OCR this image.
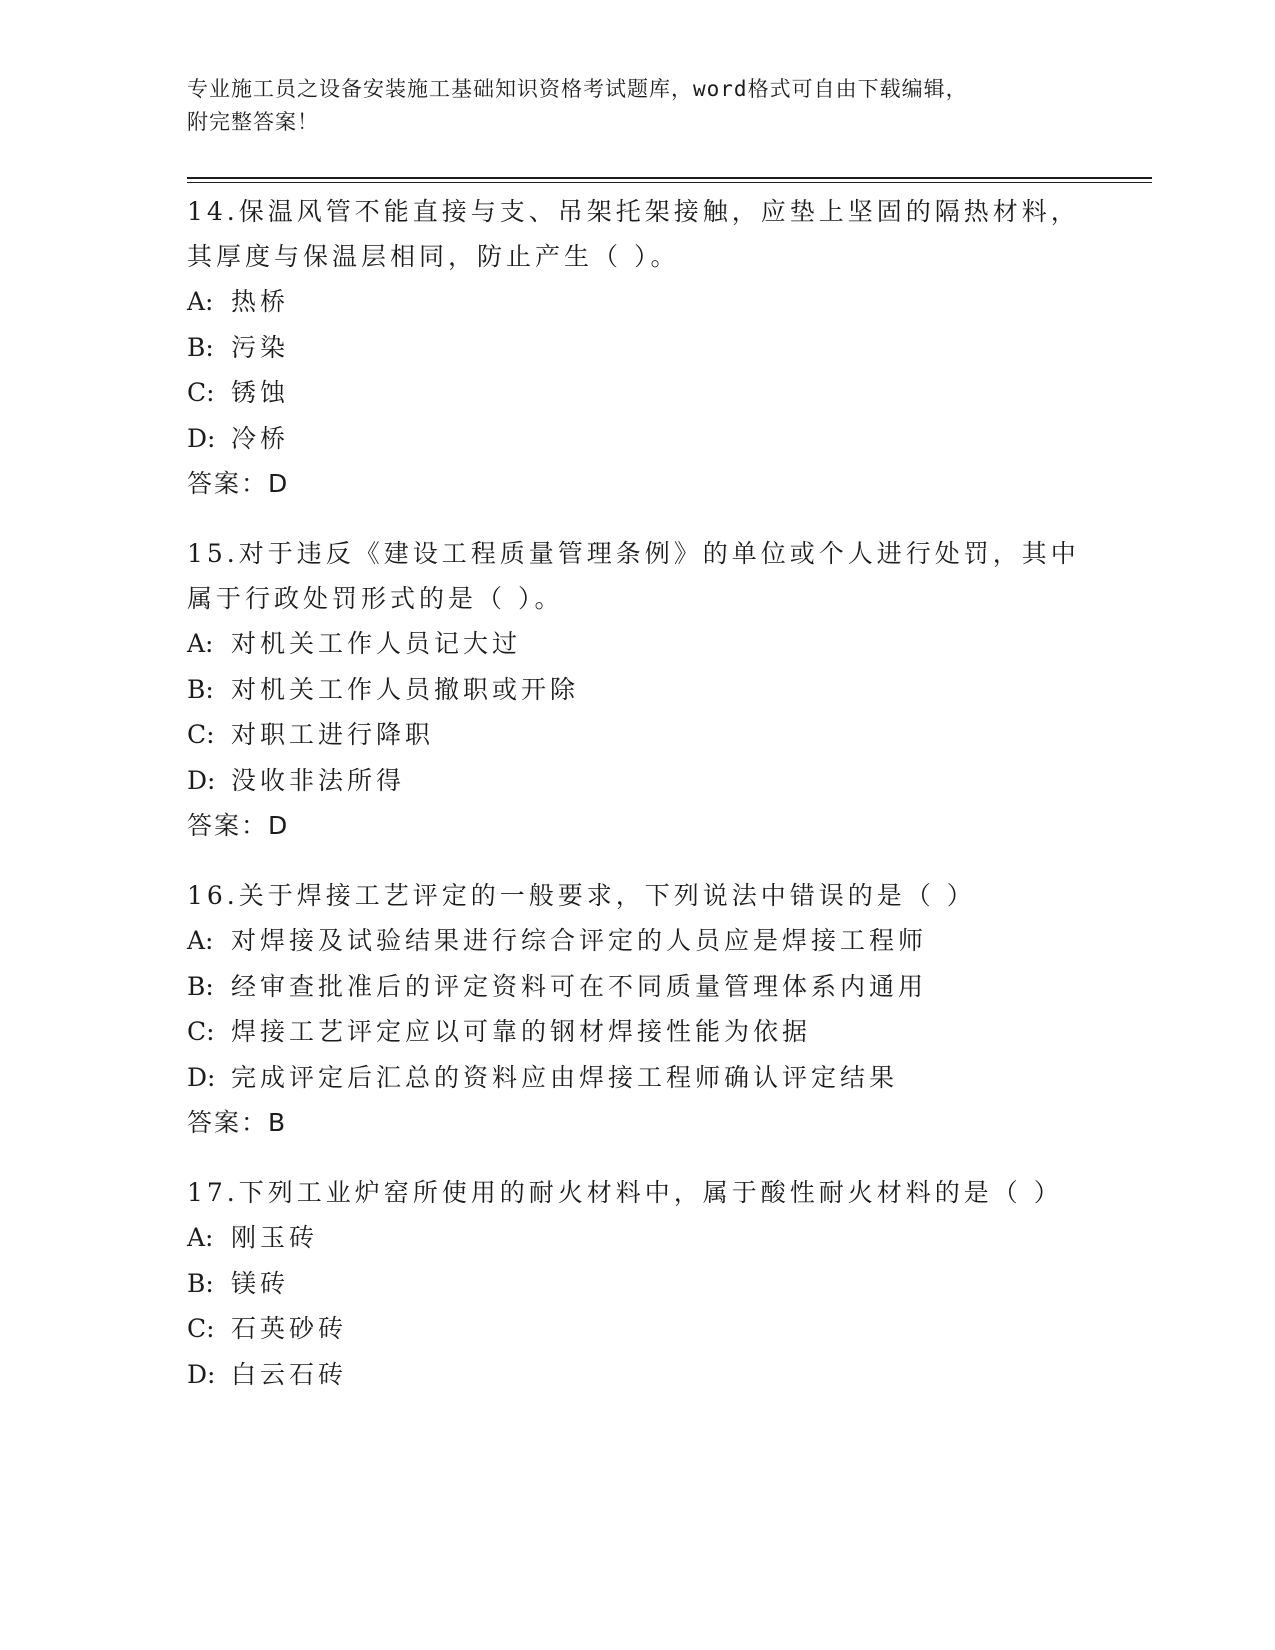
专业施工员之设备安装施工基础知识资格考试题库，word格式可自由下载编辑，
附完整答案！
14.保温风管不能直接与支、吊架托架接触，应垫上坚固的隔热材料，其厚度与保温层相同，防止产生（ ）。
A: 热桥
B: 污染
C: 锈蚀
D: 冷桥
答案：D
15.对于违反《建设工程质量管理条例》的单位或个人进行处罚，其中属于行政处罚形式的是（ ）。
A: 对机关工作人员记大过
B: 对机关工作人员撤职或开除
C: 对职工进行降职
D: 没收非法所得
答案：D
16.关于焊接工艺评定的一般要求，下列说法中错误的是（ ）
A: 对焊接及试验结果进行综合评定的人员应是焊接工程师
B: 经审查批准后的评定资料可在不同质量管理体系内通用
C: 焊接工艺评定应以可靠的钢材焊接性能为依据
D: 完成评定后汇总的资料应由焊接工程师确认评定结果
答案：B
17.下列工业炉窑所使用的耐火材料中，属于酸性耐火材料的是（ ）
A: 刚玉砖
B: 镁砖
C: 石英砂砖
D: 白云石砖
